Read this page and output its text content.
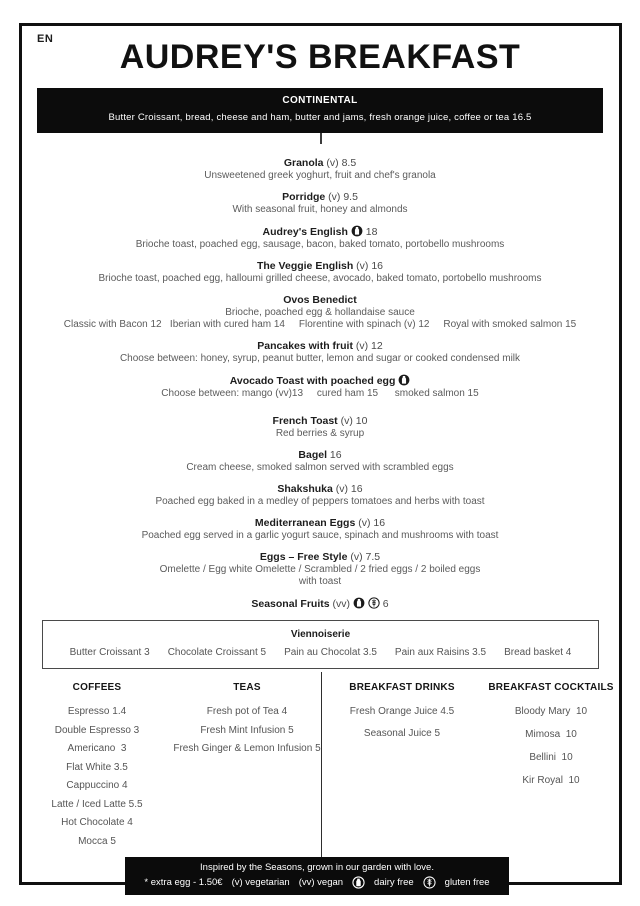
EN	AUDREY'S BREAKFAST
CONTINENTAL
Butter Croissant, bread, cheese and ham, butter and jams, fresh orange juice, coffee or tea 16.5
Granola (v) 8.5
Unsweetened greek yoghurt, fruit and chef's granola
Porridge (v) 9.5
With seasonal fruit, honey and almonds
Audrey's English 18
Brioche toast, poached egg, sausage, bacon, baked tomato, portobello mushrooms
The Veggie English (v) 16
Brioche toast, poached egg, halloumi grilled cheese, avocado, baked tomato, portobello mushrooms
Ovos Benedict
Brioche, poached egg & hollandaise sauce
Classic with Bacon 12   Iberian with cured ham 14     Florentine with spinach (v) 12     Royal with smoked salmon 15
Pancakes with fruit (v) 12
Choose between: honey, syrup, peanut butter, lemon and sugar or cooked condensed milk
Avocado Toast with poached egg
Choose between: mango (vv)13     cured ham 15      smoked salmon 15
French Toast (v) 10
Red berries & syrup
Bagel 16
Cream cheese, smoked salmon served with scrambled eggs
Shakshuka (v) 16
Poached egg baked in a medley of peppers tomatoes and herbs with toast
Mediterranean Eggs (v) 16
Poached egg served in a garlic yogurt sauce, spinach and mushrooms with toast
Eggs – Free Style (v) 7.5
Omelette / Egg white Omelette / Scrambled / 2 fried eggs / 2 boiled eggs
with toast
Seasonal Fruits (vv)	6
Viennoiserie
Butter Croissant 3 Chocolate Croissant 5 Pain au Chocolat 3.5 Pain aux Raisins 3.5 Bread basket 4
COFFEES
Espresso 1.4
Double Espresso 3
Americano  3
Flat White 3.5
Cappuccino 4
Latte / Iced Latte 5.5
Hot Chocolate 4
Mocca 5
TEAS
Fresh pot of Tea 4
Fresh Mint Infusion 5
Fresh Ginger & Lemon Infusion 5
BREAKFAST DRINKS
Fresh Orange Juice 4.5
Seasonal Juice 5
BREAKFAST COCKTAILS
Bloody Mary  10
Mimosa  10
Bellini  10
Kir Royal  10
Inspired by the Seasons, grown in our garden with love.
* extra egg - 1.50€ (v) vegetarian (vv) vegan	dairy free	gluten free
